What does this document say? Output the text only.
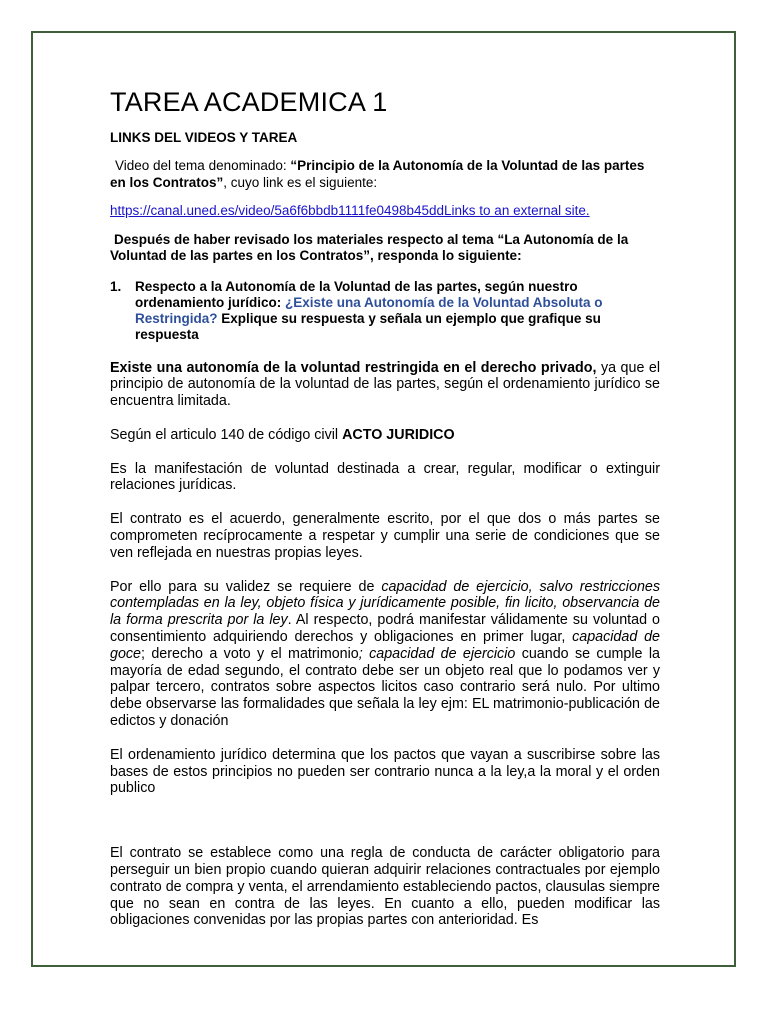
TAREA ACADEMICA 1
LINKS DEL VIDEOS Y TAREA
Video del tema denominado: “Principio de la Autonomía de la Voluntad de las partes en los Contratos”, cuyo link es el siguiente:
https://canal.uned.es/video/5a6f6bbdb1111fe0498b45ddLinks to an external site.
Después de haber revisado los materiales respecto al tema “La Autonomía de la Voluntad de las partes en los Contratos”, responda lo siguiente:
1. Respecto a la Autonomía de la Voluntad de las partes, según nuestro ordenamiento jurídico: ¿Existe una Autonomía de la Voluntad Absoluta o Restringida? Explique su respuesta y señala un ejemplo que grafique su respuesta

Existe una autonomía de la voluntad restringida en el derecho privado, ya que el principio de autonomía de la voluntad de las partes, según el ordenamiento jurídico se encuentra limitada.

Según el articulo 140 de código civil ACTO JURIDICO

Es la manifestación de voluntad destinada a crear, regular, modificar o extinguir relaciones jurídicas.

El contrato es el acuerdo, generalmente escrito, por el que dos o más partes se comprometen recíprocamente a respetar y cumplir una serie de condiciones que se ven reflejada en nuestras propias leyes.

Por ello para su validez se requiere de capacidad de ejercicio, salvo restricciones contempladas en la ley, objeto física y jurídicamente posible, fin licito, observancia de la forma prescrita por la ley. Al respecto, podrá manifestar válidamente su voluntad o consentimiento adquiriendo derechos y obligaciones en primer lugar, capacidad de goce; derecho a voto y el matrimonio; capacidad de ejercicio cuando se cumple la mayoría de edad segundo, el contrato debe ser un objeto real que lo podamos ver y palpar tercero, contratos sobre aspectos licitos caso contrario será nulo. Por ultimo debe observarse las formalidades que señala la ley ejm: EL matrimonio-publicación de edictos y donación

El ordenamiento jurídico determina que los pactos que vayan a suscribirse sobre las bases de estos principios no pueden ser contrario nunca a la ley,a la moral y el orden publico

El contrato se establece como una regla de conducta de carácter obligatorio para perseguir un bien propio cuando quieran adquirir relaciones contractuales por ejemplo contrato de compra y venta, el arrendamiento estableciendo pactos, clausulas siempre que no sean en contra de las leyes. En cuanto a ello, pueden modificar las obligaciones convenidas por las propias partes con anterioridad. Es
